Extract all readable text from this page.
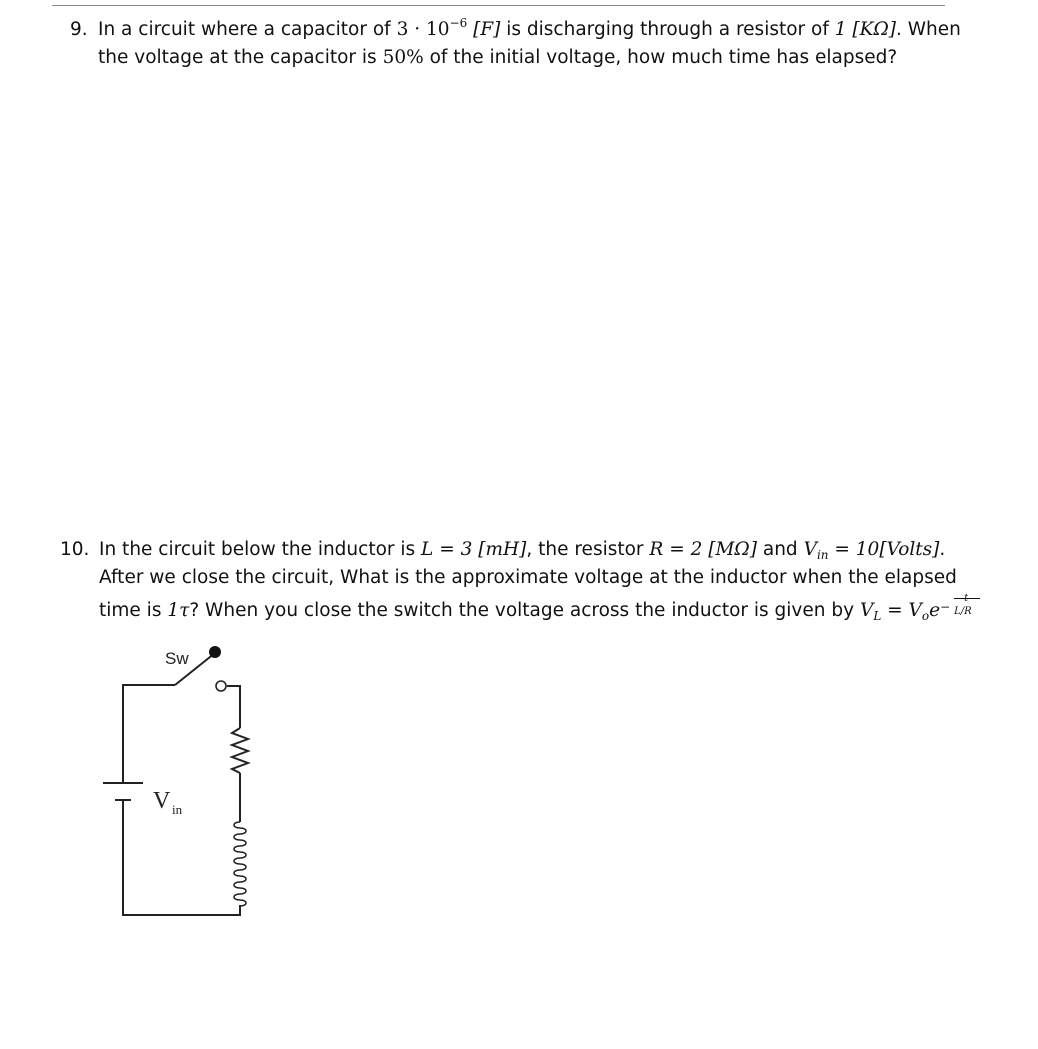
9. In a circuit where a capacitor of $3 \cdot 10^{-6}$ [F] is discharging through a resistor of 1 [KΩ]. When
the voltage at the capacitor is 50% of the initial voltage, how much time has elapsed?
10. In the circuit below the inductor is L = 3 [mH], the resistor R = 2 [MΩ] and $V_{in}$ = 10[Volts].
After we close the circuit, What is the approximate voltage at the inductor when the elapsed
time is 1τ? When you close the switch the voltage across the inductor is given by $V_L = V_oe$ −
t
L/R
Sw
V in
